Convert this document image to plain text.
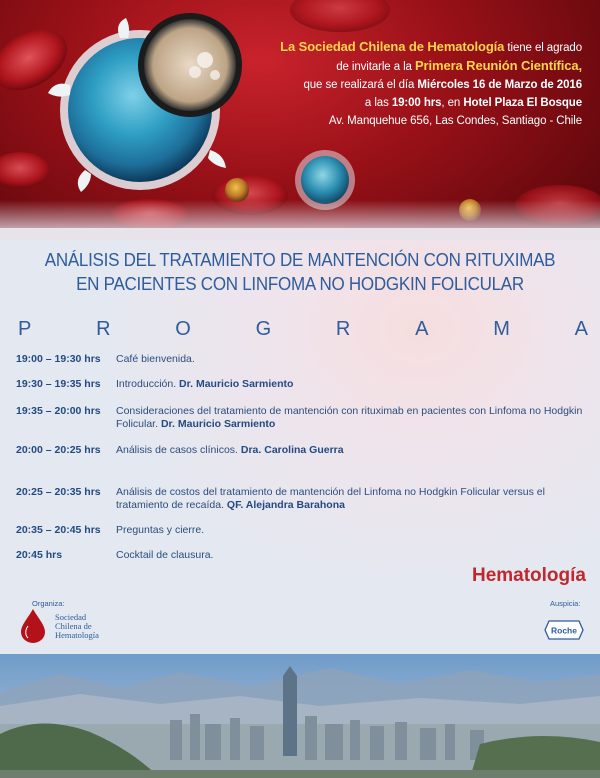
La Sociedad Chilena de Hematología tiene el agrado
de invitarle a la Primera Reunión Científica,
que se realizará el día Miércoles 16 de Marzo de 2016
a las 19:00 hrs, en Hotel Plaza El Bosque
Av. Manquehue 656, Las Condes, Santiago - Chile
ANÁLISIS DEL TRATAMIENTO DE MANTENCIÓN CON RITUXIMAB
EN PACIENTES CON LINFOMA NO HODGKIN FOLICULAR
P	R	O	G	R	A	M	A
19:00 – 19:30 hrs	Café bienvenida.
19:30 – 19:35 hrs	Introducción. Dr. Mauricio Sarmiento
19:35 – 20:00 hrs	Consideraciones del tratamiento de mantención con rituximab en pacientes con Linfoma no Hodgkin Folicular. Dr. Mauricio Sarmiento
20:00 – 20:25 hrs	Análisis de casos clínicos. Dra. Carolina Guerra
20:25 – 20:35 hrs	Análisis de costos del tratamiento de mantención del Linfoma no Hodgkin Folicular versus el tratamiento de recaída. QF. Alejandra Barahona
20:35 – 20:45 hrs	Preguntas y cierre.
20:45 hrs	Cocktail de clausura.
Hematología
Organiza:
Sociedad
Chilena de
Hematología
Auspicia:
Roche
